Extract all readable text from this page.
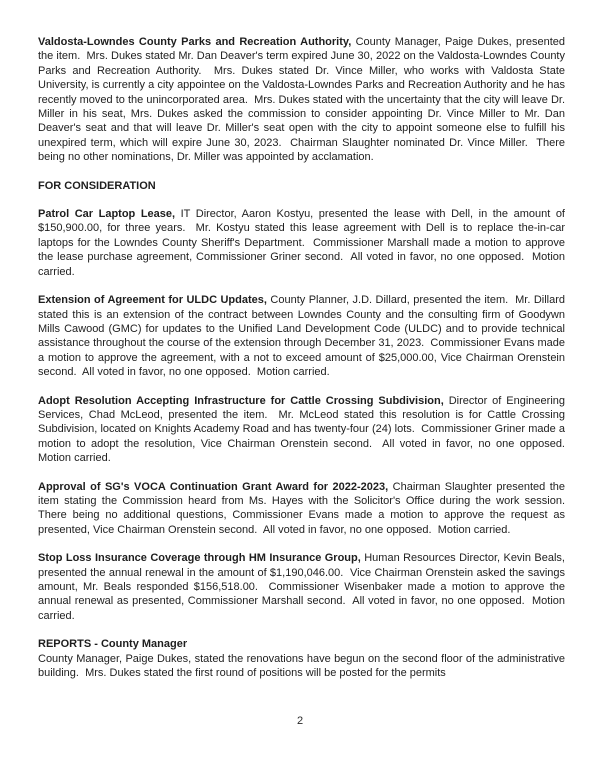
Valdosta-Lowndes County Parks and Recreation Authority, County Manager, Paige Dukes, presented the item.  Mrs. Dukes stated Mr. Dan Deaver's term expired June 30, 2022 on the Valdosta-Lowndes County Parks and Recreation Authority.  Mrs. Dukes stated Dr. Vince Miller, who works with Valdosta State University, is currently a city appointee on the Valdosta-Lowndes Parks and Recreation Authority and he has recently moved to the unincorporated area.  Mrs. Dukes stated with the uncertainty that the city will leave Dr. Miller in his seat, Mrs. Dukes asked the commission to consider appointing Dr. Vince Miller to Mr. Dan Deaver's seat and that will leave Dr. Miller's seat open with the city to appoint someone else to fulfill his unexpired term, which will expire June 30, 2023.  Chairman Slaughter nominated Dr. Vince Miller.  There being no other nominations, Dr. Miller was appointed by acclamation.

FOR CONSIDERATION

Patrol Car Laptop Lease, IT Director, Aaron Kostyu, presented the lease with Dell, in the amount of $150,900.00, for three years.  Mr. Kostyu stated this lease agreement with Dell is to replace the-in-car laptops for the Lowndes County Sheriff's Department.  Commissioner Marshall made a motion to approve the lease purchase agreement, Commissioner Griner second.  All voted in favor, no one opposed.  Motion carried.

Extension of Agreement for ULDC Updates, County Planner, J.D. Dillard, presented the item.  Mr. Dillard stated this is an extension of the contract between Lowndes County and the consulting firm of Goodywn Mills Cawood (GMC) for updates to the Unified Land Development Code (ULDC) and to provide technical assistance throughout the course of the extension through December 31, 2023.  Commissioner Evans made a motion to approve the agreement, with a not to exceed amount of $25,000.00, Vice Chairman Orenstein second.  All voted in favor, no one opposed.  Motion carried.

Adopt Resolution Accepting Infrastructure for Cattle Crossing Subdivision, Director of Engineering Services, Chad McLeod, presented the item.  Mr. McLeod stated this resolution is for Cattle Crossing Subdivision, located on Knights Academy Road and has twenty-four (24) lots.  Commissioner Griner made a motion to adopt the resolution, Vice Chairman Orenstein second.  All voted in favor, no one opposed.  Motion carried.

Approval of SG's VOCA Continuation Grant Award for 2022-2023, Chairman Slaughter presented the item stating the Commission heard from Ms. Hayes with the Solicitor's Office during the work session.  There being no additional questions, Commissioner Evans made a motion to approve the request as presented, Vice Chairman Orenstein second.  All voted in favor, no one opposed.  Motion carried.

Stop Loss Insurance Coverage through HM Insurance Group, Human Resources Director, Kevin Beals, presented the annual renewal in the amount of $1,190,046.00.  Vice Chairman Orenstein asked the savings amount, Mr. Beals responded $156,518.00.  Commissioner Wisenbaker made a motion to approve the annual renewal as presented, Commissioner Marshall second.  All voted in favor, no one opposed.  Motion carried.

REPORTS - County Manager

County Manager, Paige Dukes, stated the renovations have begun on the second floor of the administrative building.  Mrs. Dukes stated the first round of positions will be posted for the permits

2
